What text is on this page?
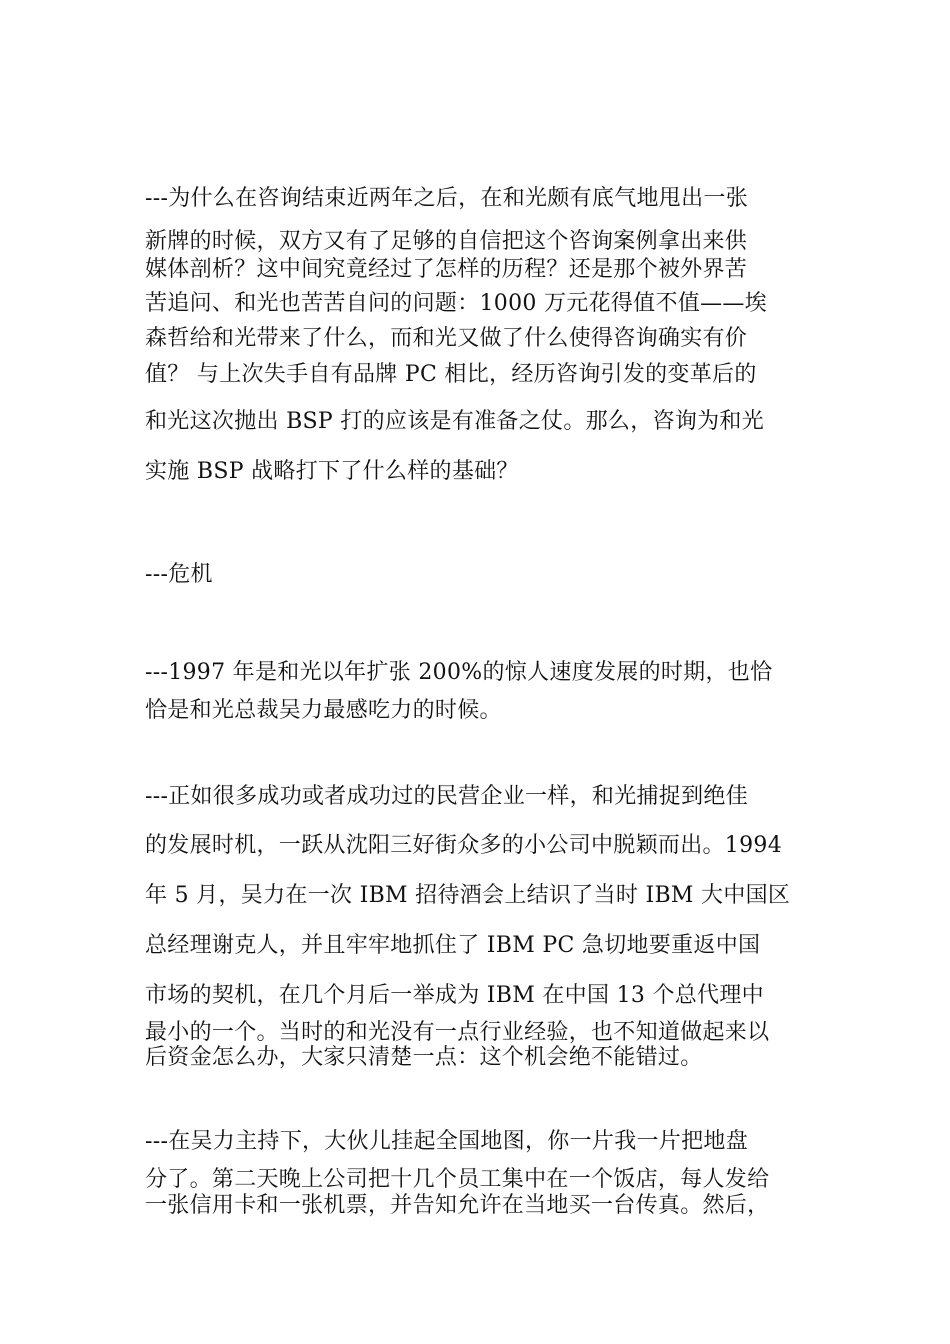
---为什么在咨询结束近两年之后，在和光颇有底气地甩出一张
新牌的时候，双方又有了足够的自信把这个咨询案例拿出来供
媒体剖析？这中间究竟经过了怎样的历程？还是那个被外界苦
苦追问、和光也苦苦自问的问题：1000 万元花得值不值——埃
森哲给和光带来了什么，而和光又做了什么使得咨询确实有价
值？ 与上次失手自有品牌 PC 相比，经历咨询引发的变革后的
和光这次抛出 BSP 打的应该是有准备之仗。那么，咨询为和光
实施 BSP 战略打下了什么样的基础？
---危机
---1997 年是和光以年扩张 200%的惊人速度发展的时期，也恰
恰是和光总裁吴力最感吃力的时候。
---正如很多成功或者成功过的民营企业一样，和光捕捉到绝佳
的发展时机，一跃从沈阳三好街众多的小公司中脱颖而出。1994
年 5 月，吴力在一次 IBM 招待酒会上结识了当时 IBM 大中国区
总经理谢克人，并且牢牢地抓住了 IBM PC 急切地要重返中国
市场的契机，在几个月后一举成为 IBM 在中国 13 个总代理中
最小的一个。当时的和光没有一点行业经验，也不知道做起来以
后资金怎么办，大家只清楚一点：这个机会绝不能错过。
---在吴力主持下，大伙儿挂起全国地图，你一片我一片把地盘
分了。第二天晚上公司把十几个员工集中在一个饭店，每人发给
一张信用卡和一张机票，并告知允许在当地买一台传真。然后，
